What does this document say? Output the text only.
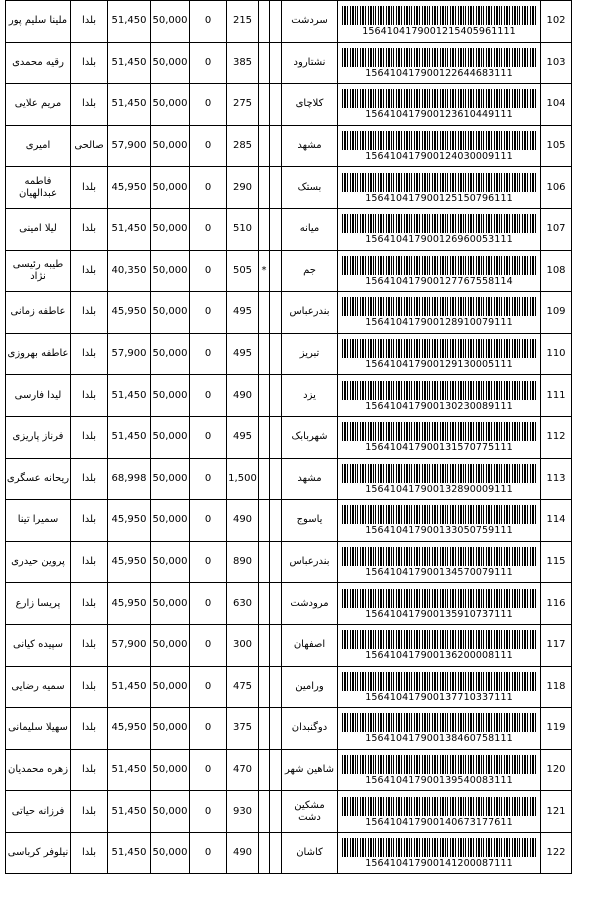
ملینا سلیم پور	بلدا	51,450	50,000	0	215			سردشت	1564104179001215405961111	102
رقیه محمدی	بلدا	51,450	50,000	0	385			نشتارود	156410417900122644683111	103
مریم علایی	بلدا	51,450	50,000	0	275			کلاچای	156410417900123610449111	104
امیری	صالحی	57,900	50,000	0	285			مشهد	156410417900124030009111	105
فاطمه عبدالهیان	بلدا	45,950	50,000	0	290			بستک	156410417900125150796111	106
لیلا امینی	بلدا	51,450	50,000	0	510			میانه	156410417900126960053111	107
طیبه رئیسی نژاد	بلدا	40,350	50,000	0	505	*		جم	156410417900127767558114	108
عاطفه زمانی	بلدا	45,950	50,000	0	495			بندرعباس	156410417900128910079111	109
عاطفه بهروزی	بلدا	57,900	50,000	0	495			تبریز	156410417900129130005111	110
لیدا فارسی	بلدا	51,450	50,000	0	490			یزد	156410417900130230089111	111
فرناز پاریزی	بلدا	51,450	50,000	0	495			شهربابک	156410417900131570775111	112
ریحانه عسگری	بلدا	68,998	50,000	0	1,500			مشهد	156410417900132890009111	113
سمیرا تینا	بلدا	45,950	50,000	0	490			یاسوج	156410417900133050759111	114
پروین حیدری	بلدا	45,950	50,000	0	890			بندرعباس	156410417900134570079111	115
پریسا زارع	بلدا	45,950	50,000	0	630			مرودشت	156410417900135910737111	116
سپیده کیانی	بلدا	57,900	50,000	0	300			اصفهان	156410417900136200008111	117
سمیه رضایی	بلدا	51,450	50,000	0	475			ورامین	156410417900137710337111	118
سهیلا سلیمانی	بلدا	45,950	50,000	0	375			دوگنبدان	156410417900138460758111	119
زهره محمدیان	بلدا	51,450	50,000	0	470			شاهین شهر	156410417900139540083111	120
فرزانه حیاتی	بلدا	51,450	50,000	0	930			مشکین دشت	156410417900140673177611	121
نیلوفر کرباسی	بلدا	51,450	50,000	0	490			کاشان	156410417900141200087111	122
